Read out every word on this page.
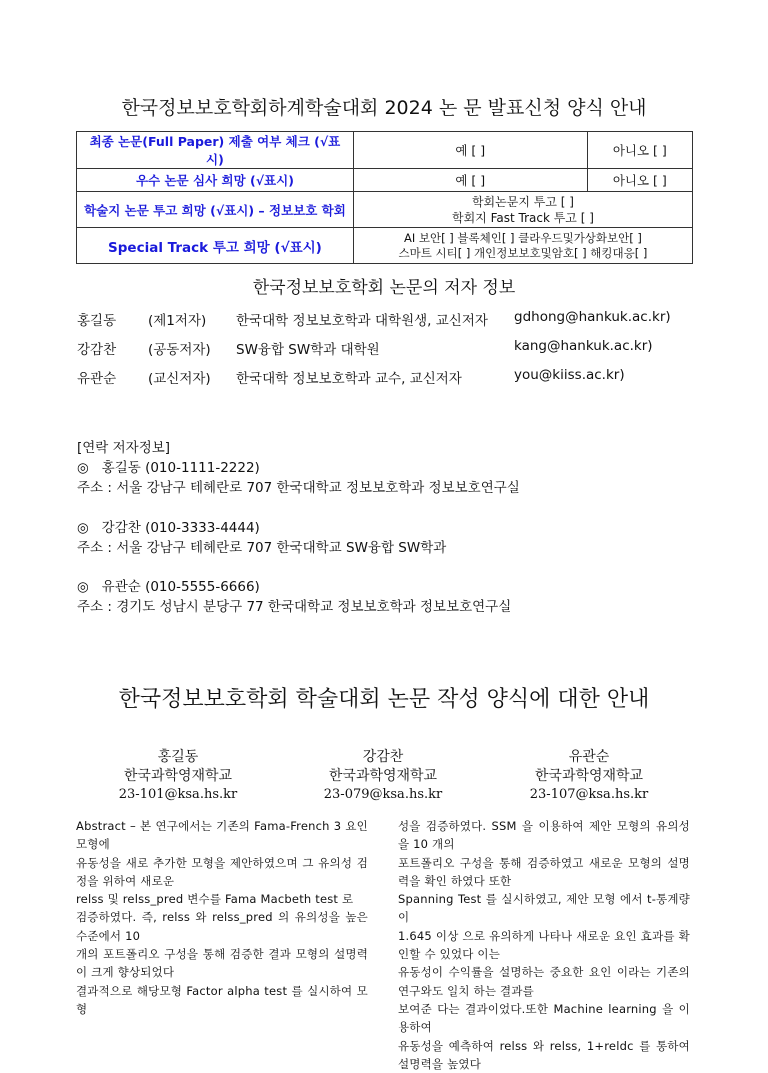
한국정보보호학회하계학술대회 2024 논 문 발표신청 양식 안내
최종 논문(Full Paper) 제출 여부 체크 (√표시)	예 [ ]	아니오 [ ]
우수 논문 심사 희망 (√표시)	예 [ ]	아니오 [ ]
학술지 논문 투고 희망 (√표시) – 정보보호 학회	학회논문지 투고 [ ]
학회지 Fast Track 투고 [ ]	

Special Track 투고 희망 (√표시)	AI 보안[ ] 블록체인[ ] 클라우드및가상화보안[ ]
스마트 시티[ ] 개인정보보호및암호[ ] 해킹대응[ ]	
한국정보보호학회 논문의 저자 정보
홍길동 (제1저자) 한국대학 정보보호학과 대학원생, 교신저자 gdhong@hankuk.ac.kr)
강감찬 (공동저자) SW융합 SW학과 대학원	kang@hankuk.ac.kr)
유관순 (교신저자) 한국대학 정보보호학과 교수, 교신저자	you@kiiss.ac.kr)
[연락 저자정보]
◎ 홍길동 (010-1111-2222)
주소 : 서울 강남구 테헤란로 707 한국대학교 정보보호학과 정보보호연구실
◎ 강감찬 (010-3333-4444)
주소 : 서울 강남구 테헤란로 707 한국대학교 SW융합 SW학과
◎ 유관순 (010-5555-6666)
주소 : 경기도 성남시 분당구 77 한국대학교 정보보호학과 정보보호연구실
한국정보보호학회 학술대회 논문 작성 양식에 대한 안내
홍길동
한국과학영재학교
23-101@ksa.hs.kr
강감찬
한국과학영재학교
23-079@ksa.hs.kr
유관순
한국과학영재학교
23-107@ksa.hs.kr
Abstract – 본 연구에서는 기존의 Fama-French 3 요인 모형에
유동성을 새로 추가한 모형을 제안하였으며 그 유의성 검정을 위하여 새로운
relss 및 relss_pred 변수를 Fama Macbeth test 로
검증하였다. 즉, relss 와 relss_pred 의 유의성을 높은 수준에서 10
개의 포트폴리오 구성을 통해 검증한 결과 모형의 설명력이 크게 향상되었다
결과적으로 해당모형 Factor alpha test 를 실시하여 모형
성을 검증하였다. SSM 을 이용하여 제안 모형의 유의성을 10 개의
포트폴리오 구성을 통해 검증하였고 새로운 모형의 설명력을 확인 하였다 또한
Spanning Test 를 실시하였고, 제안 모형 에서 t-통계량이
1.645 이상 으로 유의하게 나타나 새로운 요인 효과를 확인할 수 있었다 이는
유동성이 수익률을 설명하는 중요한 요인 이라는 기존의 연구와도 일치 하는 결과를
보여준 다는 결과이었다.또한 Machine learning 을 이용하여
유동성을 예측하여 relss 와 relss, 1+reldc 를 통하여 설명력을 높였다
